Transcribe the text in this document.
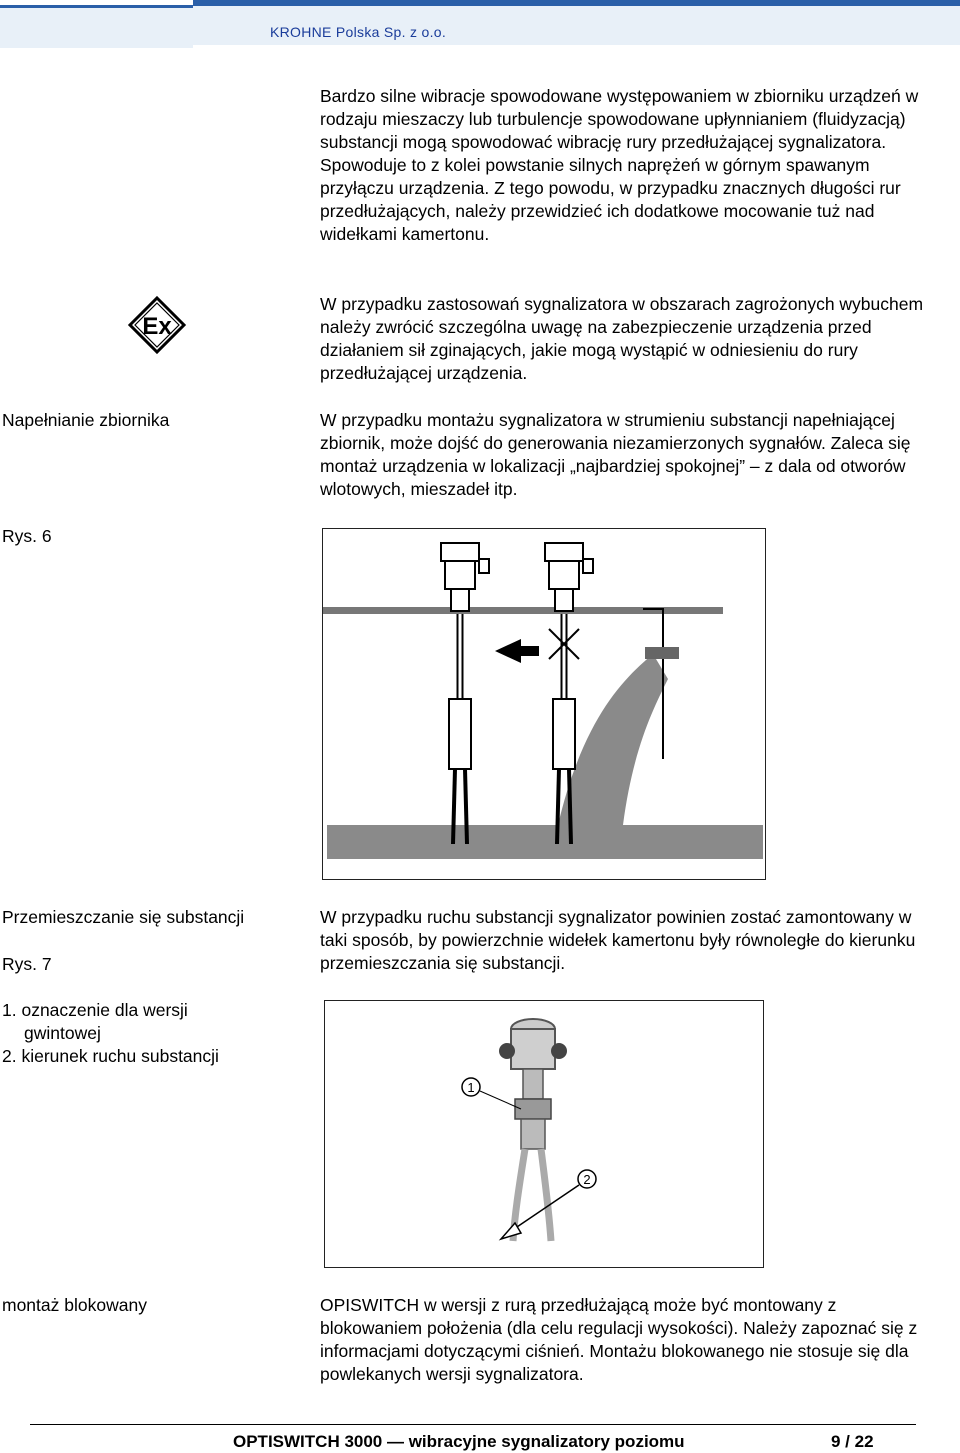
KROHNE Polska Sp. z o.o.
Bardzo silne wibracje spowodowane występowaniem w zbiorniku urządzeń w rodzaju mieszaczy lub turbulencje spowodowane upłynnianiem (fluidyzacją) substancji mogą spowodować wibrację rury przedłużającej sygnalizatora. Spowoduje to z kolei powstanie silnych naprężeń w górnym spawanym przyłączu urządzenia. Z tego powodu, w przypadku znacznych długości rur przedłużających, należy przewidzieć ich dodatkowe mocowanie tuż nad widełkami kamertonu.
Ex
W przypadku zastosowań sygnalizatora w obszarach zagrożonych wybuchem należy zwrócić szczególna uwagę na zabezpieczenie urządzenia przed działaniem sił zginających, jakie mogą wystąpić w odniesieniu do rury przedłużającej urządzenia.
Napełnianie zbiornika	W przypadku montażu sygnalizatora w strumieniu substancji napełniającej zbiornik, może dojść do generowania niezamierzonych sygnałów. Zaleca się montaż urządzenia w lokalizacji „najbardziej spokojnej” – z dala od otworów wlotowych, mieszadeł itp.
Rys. 6
Przemieszczanie się substancji	W przypadku ruchu substancji sygnalizator powinien zostać zamontowany w taki sposób, by powierzchnie widełek kamertonu były równoległe do kierunku przemieszczania się substancji.
Rys. 7
1. oznaczenie dla wersji
gwintowej
2. kierunek ruchu substancji
1
2
montaż blokowany	OPISWITCH w wersji z rurą przedłużającą może być montowany z blokowaniem położenia (dla celu regulacji wysokości). Należy zapoznać się z informacjami dotyczącymi ciśnień. Montażu blokowanego nie stosuje się dla powlekanych wersji sygnalizatora.
OPTISWITCH 3000 — wibracyjne sygnalizatory poziomu	9 / 22
